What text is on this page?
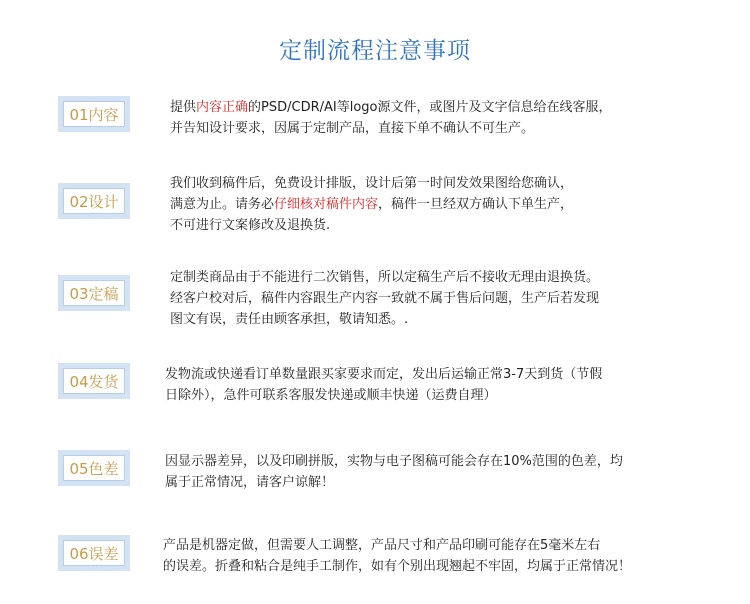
定制流程注意事项
01内容	提供内容正确的PSD/CDR/AI等logo源文件，或图片及文字信息给在线客服，
并告知设计要求，因属于定制产品，直接下单不确认不可生产。
02设计
我们收到稿件后，免费设计排版，设计后第一时间发效果图给您确认，
满意为止。请务必仔细核对稿件内容，稿件一旦经双方确认下单生产，
不可进行文案修改及退换货.
03定稿
定制类商品由于不能进行二次销售，所以定稿生产后不接收无理由退换货。
经客户校对后，稿件内容跟生产内容一致就不属于售后问题，生产后若发现
图文有误，责任由顾客承担，敬请知悉。.
04发货	发物流或快递看订单数量跟买家要求而定，发出后运输正常3-7天到货（节假
日除外），急件可联系客服发快递或顺丰快递（运费自理）
05色差	因显示器差异，以及印刷拼版，实物与电子图稿可能会存在10%范围的色差，均
属于正常情况，请客户谅解！
06误差	产品是机器定做，但需要人工调整，产品尺寸和产品印刷可能存在5毫米左右
的误差。折叠和粘合是纯手工制作，如有个别出现翘起不牢固，均属于正常情况！
